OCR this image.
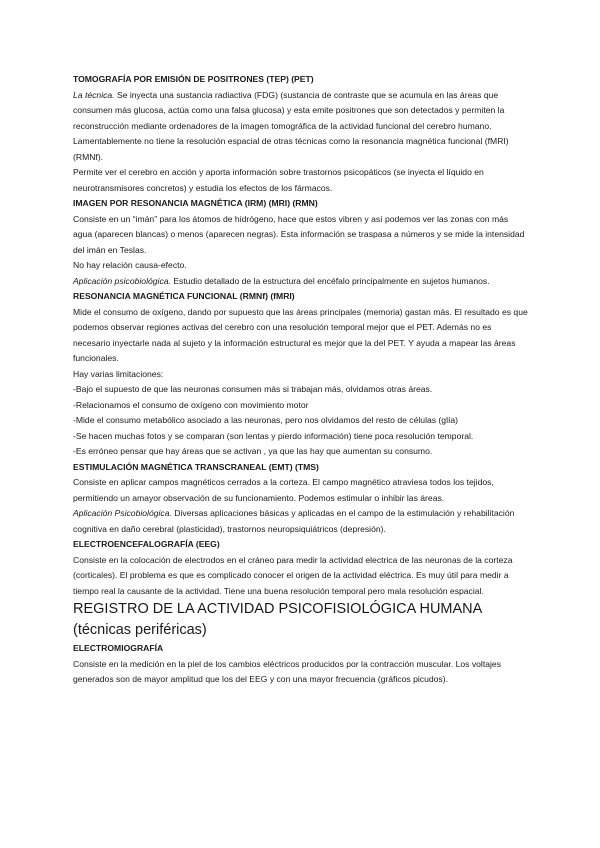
TOMOGRAFÍA POR EMISIÓN DE POSITRONES (TEP) (PET)

La técnica. Se inyecta una sustancia radiactiva (FDG) (sustancia de contraste que se acumula en las áreas que consumen más glucosa, actúa como una falsa glucosa) y esta emite positrones que son detectados y permiten la reconstrucción mediante ordenadores de la imagen tomográfica de la actividad funcional del cerebro humano. Lamentablemente no tiene la resolución espacial de otras técnicas como la resonancia magnética funcional (fMRI) (RMNf).

Permite ver el cerebro en acción y aporta información sobre trastornos psicopáticos (se inyecta el líquido en neurotransmisores concretos) y estudia los efectos de los fármacos.

IMAGEN POR RESONANCIA MAGNÉTICA (IRM) (MRI) (RMN)

Consiste en un “imán” para los átomos de hidrógeno, hace que estos vibren y así podemos ver las zonas con más agua (aparecen blancas) o menos (aparecen negras). Esta información se traspasa a números y se mide la intensidad del imán en Teslas.

No hay relación causa-efecto.

Aplicación psicobiológica. Estudio detallado de la estructura del encéfalo principalmente en sujetos humanos.

RESONANCIA MAGNÉTICA FUNCIONAL (RMNf) (fMRI)

Mide el consumo de oxígeno, dando por supuesto que las áreas principales (memoria) gastan más. El resultado es que podemos observar regiones activas del cerebro con una resolución temporal mejor que el PET. Además no es necesario inyectarle nada al sujeto y la información estructural es mejor que la del PET. Y ayuda a mapear las áreas funcionales.

Hay varias limitaciones:

-Bajo el supuesto de que las neuronas consumen más si trabajan más, olvidamos otras áreas.

-Relacionamos el consumo de oxígeno con movimiento motor

-Mide el consumo metabólico asociado a las neuronas, pero nos olvidamos del resto de células (glía)

-Se hacen muchas fotos y se comparan (son lentas y pierdo información) tiene poca resolución temporal.

-Es erróneo pensar que hay áreas que se activan , ya que las hay que aumentan su consumo.

ESTIMULACIÓN MAGNÉTICA TRANSCRANEAL (EMT) (TMS)

Consiste en aplicar campos magnéticos cerrados a la corteza. El campo magnético atraviesa todos los tejidos, permitiendo un amayor observación de su funcionamiento. Podemos estimular o inhibir las áreas.

Aplicación Psicobiológica. Diversas aplicaciones básicas y aplicadas en el campo de la estimulación y rehabilitación cognitiva en daño cerebral (plasticidad), trastornos neuropsiquiátricos (depresión).

ELECTROENCEFALOGRAFÍA (EEG)

Consiste en la colocación de electrodos en el cráneo para medir la actividad electrica de las neuronas de la corteza (corticales). El problema es que es complicado conocer el origen de la actividad eléctrica. Es muy útil para medir a tiempo real la causante de la actividad. Tiene una buena resolución temporal pero mala resolución espacial.

REGISTRO DE LA ACTIVIDAD PSICOFISIOLÓGICA HUMANA (técnicas periféricas)

ELECTROMIOGRAFÍA

Consiste en la medición en la piel de los cambios eléctricos producidos por la contracción muscular. Los voltajes generados son de mayor amplitud que los del EEG y con una mayor frecuencia (gráficos picudos).
